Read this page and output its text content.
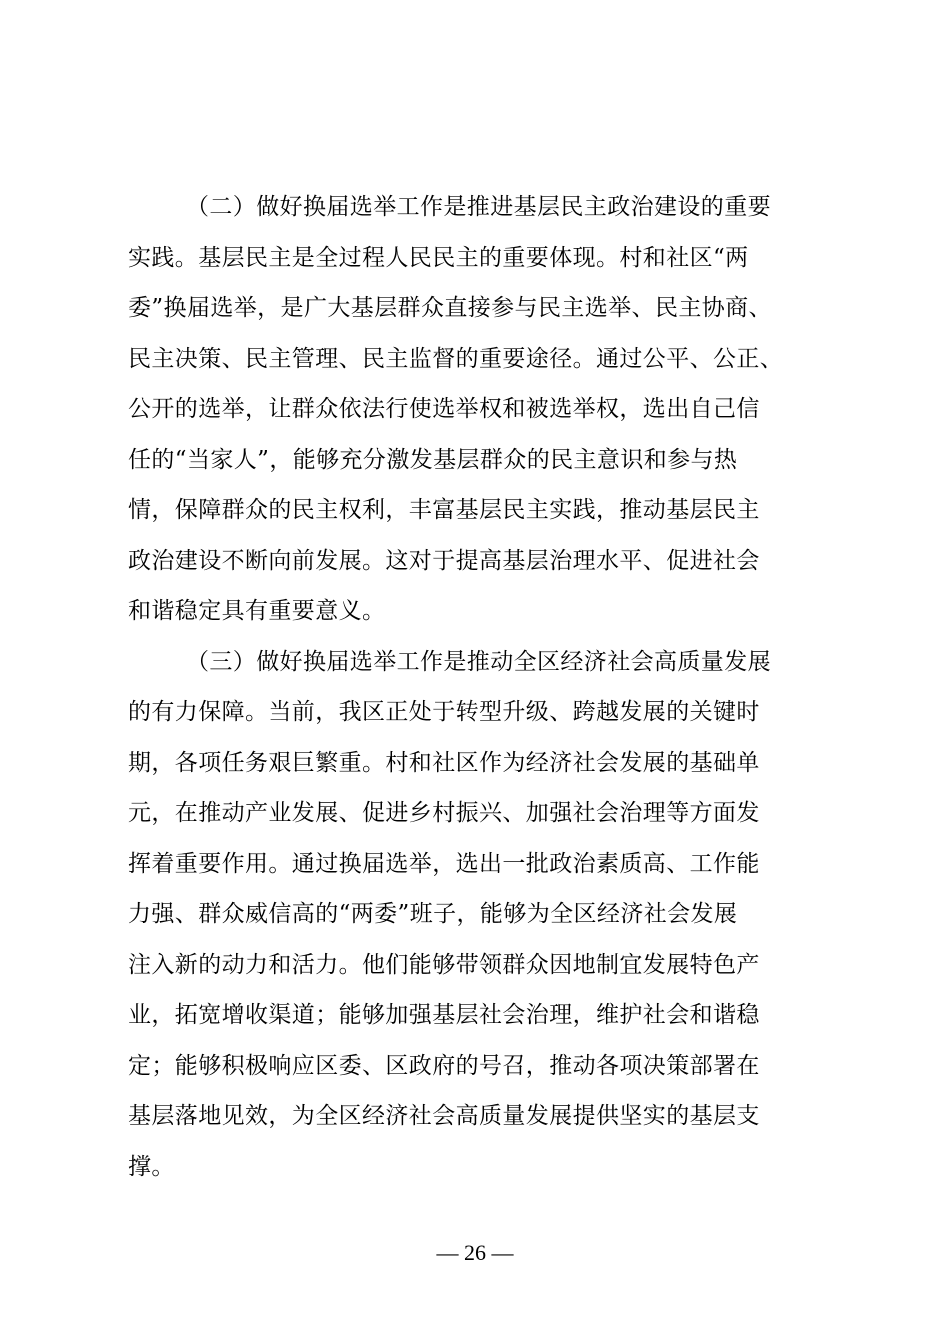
（二）做好换届选举工作是推进基层民主政治建设的重要
实践。基层民主是全过程人民民主的重要体现。村和社区“两
委”换届选举，是广大基层群众直接参与民主选举、民主协商、
民主决策、民主管理、民主监督的重要途径。通过公平、公正、
公开的选举，让群众依法行使选举权和被选举权，选出自己信
任的“当家人”，能够充分激发基层群众的民主意识和参与热
情，保障群众的民主权利，丰富基层民主实践，推动基层民主
政治建设不断向前发展。这对于提高基层治理水平、促进社会
和谐稳定具有重要意义。
（三）做好换届选举工作是推动全区经济社会高质量发展
的有力保障。当前，我区正处于转型升级、跨越发展的关键时
期，各项任务艰巨繁重。村和社区作为经济社会发展的基础单
元，在推动产业发展、促进乡村振兴、加强社会治理等方面发
挥着重要作用。通过换届选举，选出一批政治素质高、工作能
力强、群众威信高的“两委”班子，能够为全区经济社会发展
注入新的动力和活力。他们能够带领群众因地制宜发展特色产
业，拓宽增收渠道；能够加强基层社会治理，维护社会和谐稳
定；能够积极响应区委、区政府的号召，推动各项决策部署在
基层落地见效，为全区经济社会高质量发展提供坚实的基层支
撑。
— 26 —
